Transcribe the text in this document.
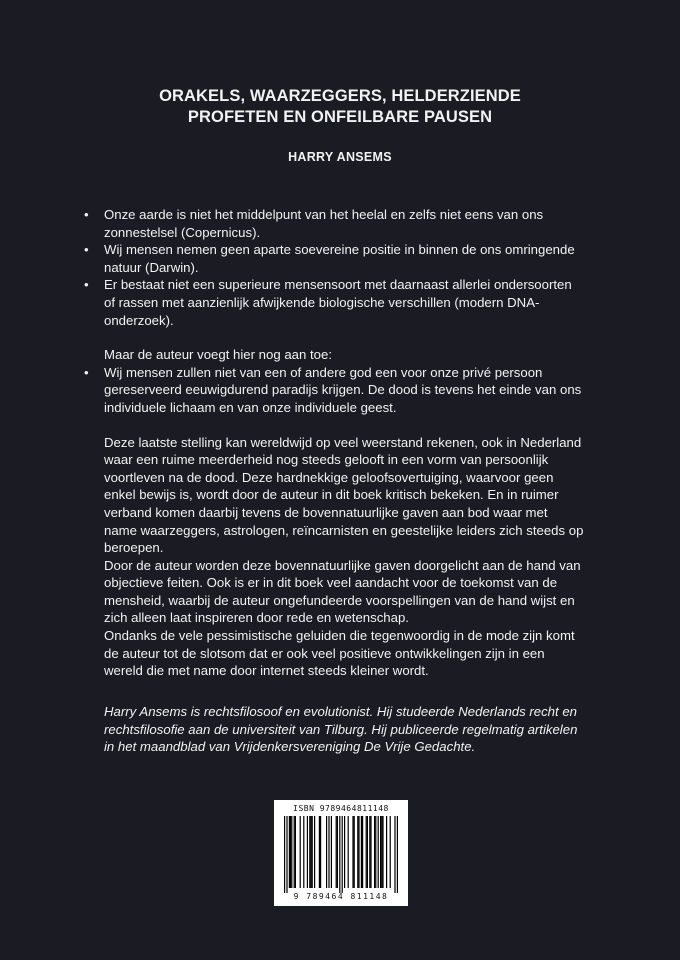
ORAKELS, WAARZEGGERS, HELDERZIENDE
PROFETEN EN ONFEILBARE PAUSEN
HARRY ANSEMS
• Onze aarde is niet het middelpunt van het heelal en zelfs niet eens van ons zonnestelsel (Copernicus).
• Wij mensen nemen geen aparte soevereine positie in binnen de ons omringende natuur (Darwin).
• Er bestaat niet een superieure mensensoort met daarnaast allerlei ondersoorten of rassen met aanzienlijk afwijkende biologische verschillen (modern DNA-onderzoek).

Maar de auteur voegt hier nog aan toe:

• Wij mensen zullen niet van een of andere god een voor onze privé persoon gereserveerd eeuwigdurend paradijs krijgen. De dood is tevens het einde van ons individuele lichaam en van onze individuele geest.

Deze laatste stelling kan wereldwijd op veel weerstand rekenen, ook in Nederland waar een ruime meerderheid nog steeds gelooft in een vorm van persoonlijk voortleven na de dood. Deze hardnekkige geloofsovertuiging, waarvoor geen enkel bewijs is, wordt door de auteur in dit boek kritisch bekeken. En in ruimer verband komen daarbij tevens de bovennatuurlijke gaven aan bod waar met name waarzeggers, astrologen, reïncarnisten en geestelijke leiders zich steeds op beroepen.

Door de auteur worden deze bovennatuurlijke gaven doorgelicht aan de hand van objectieve feiten. Ook is er in dit boek veel aandacht voor de toekomst van de mensheid, waarbij de auteur ongefundeerde voorspellingen van de hand wijst en zich alleen laat inspireren door rede en wetenschap.

Ondanks de vele pessimistische geluiden die tegenwoordig in de mode zijn komt de auteur tot de slotsom dat er ook veel positieve ontwikkelingen zijn in een wereld die met name door internet steeds kleiner wordt.

Harry Ansems is rechtsfilosoof en evolutionist. Hij studeerde Nederlands recht en rechtsfilosofie aan de universiteit van Tilburg. Hij publiceerde regelmatig artikelen in het maandblad van Vrijdenkersvereniging De Vrije Gedachte.
ISBN 9789464811148
9 789464 811148
